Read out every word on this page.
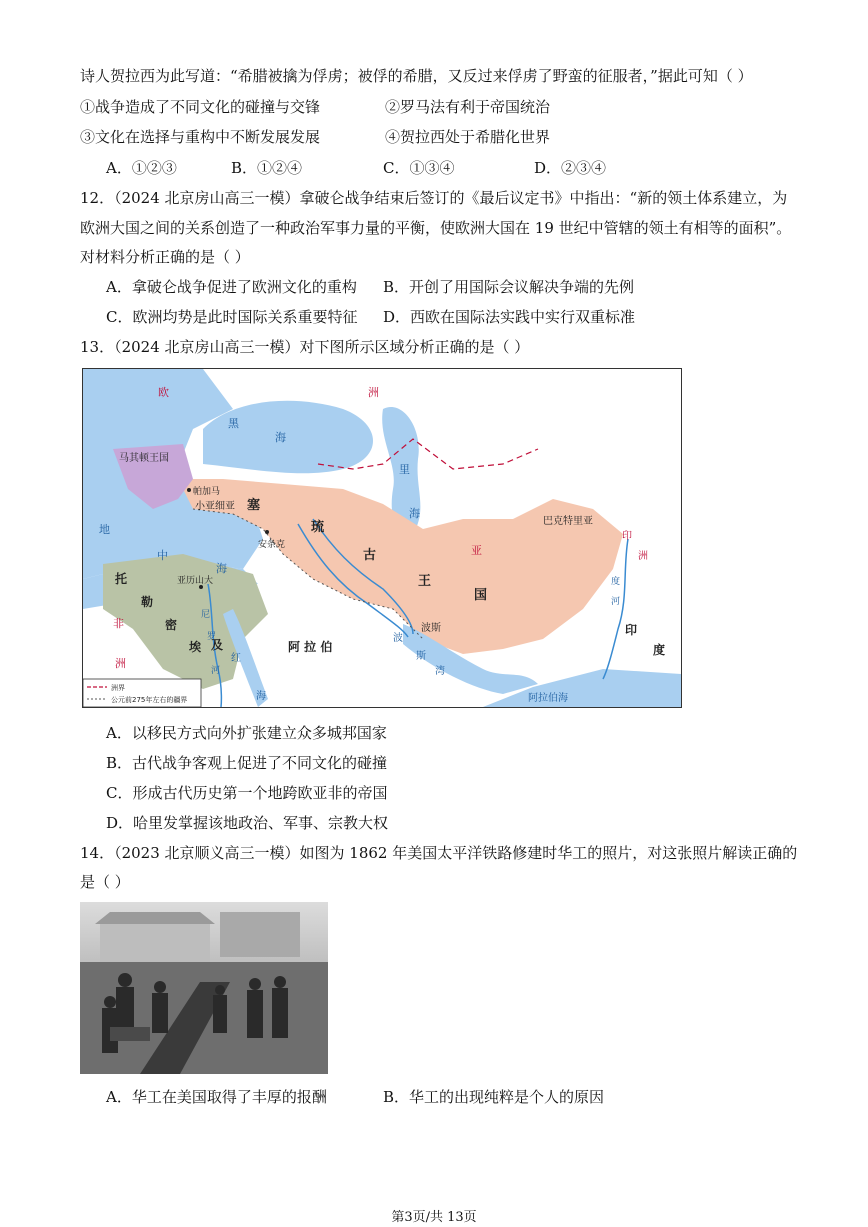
诗人贺拉西为此写道：“希腊被擒为俘虏；被俘的希腊，又反过来俘虏了野蛮的征服者，”据此可知（ ）
①战争造成了不同文化的碰撞与交锋	②罗马法有利于帝国统治
③文化在选择与重构中不断发展发展	④贺拉西处于希腊化世界
A．①②③	B．①②④	C．①③④	D．②③④
12．（2024 北京房山高三一模）拿破仑战争结束后签订的《最后议定书》中指出：“新的领土体系建立，为
欧洲大国之间的关系创造了一种政治军事力量的平衡，使欧洲大国在 19 世纪中管辖的领土有相等的面积”。
对材料分析正确的是（ ）
A．拿破仑战争促进了欧洲文化的重构 B．开创了用国际会议解决争端的先例
C．欧洲均势是此时国际关系重要特征 D．西欧在国际法实践中实行双重标准
13．（2024 北京房山高三一模）对下图所示区域分析正确的是（ ）
欧	洲
黑
海
里
海
马其顿王国
帕加马
小亚细亚 塞
琉
古
王
国
亚
巴克特里亚
安条克
地
中
海
托
勒
密
埃 及
亚历山大
非
洲
阿 拉 伯
波斯
波
斯
湾
红
海
印
度
印
洲
度
河
阿拉伯海
尼
罗
河
洲界
公元前275年左右的疆界
A．以移民方式向外扩张建立众多城邦国家
B．古代战争客观上促进了不同文化的碰撞
C．形成古代历史第一个地跨欧亚非的帝国
D．哈里发掌握该地政治、军事、宗教大权
14．（2023 北京顺义高三一模）如图为 1862 年美国太平洋铁路修建时华工的照片，对这张照片解读正确的
是（ ）
A．华工在美国取得了丰厚的报酬	B．华工的出现纯粹是个人的原因
第3页/共 13页
